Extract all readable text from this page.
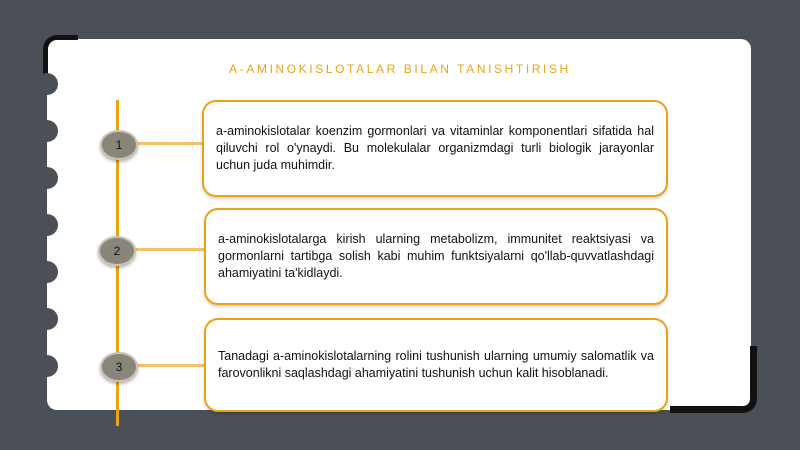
A-AMINOKISLOTALAR BILAN TANISHTIRISH
1
2
3

a-aminokislotalar koenzim gormonlari va vitaminlar komponentlari sifatida hal qiluvchi rol o'ynaydi. Bu molekulalar organizmdagi turli biologik jarayonlar uchun juda muhimdir.

a-aminokislotalarga kirish ularning metabolizm, immunitet reaktsiyasi va gormonlarni tartibga solish kabi muhim funktsiyalarni qo'llab-quvvatlashdagi ahamiyatini ta'kidlaydi.

Tanadagi a-aminokislotalarning rolini tushunish ularning umumiy salomatlik va farovonlikni saqlashdagi ahamiyatini tushunish uchun kalit hisoblanadi.
